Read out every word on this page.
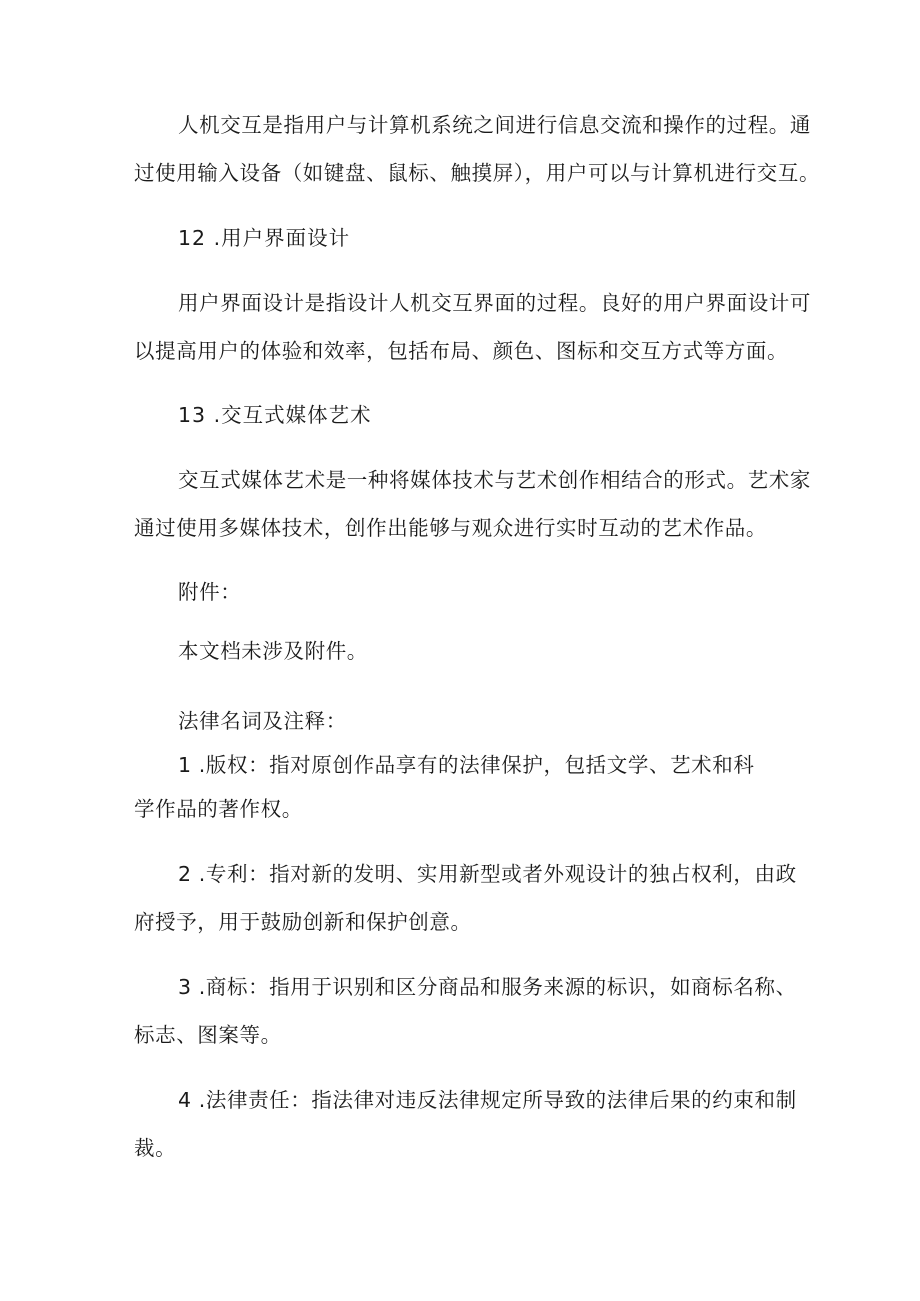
人机交互是指用户与计算机系统之间进行信息交流和操作的过程。通
过使用输入设备（如键盘、鼠标、触摸屏），用户可以与计算机进行交互。
12 .用户界面设计
用户界面设计是指设计人机交互界面的过程。良好的用户界面设计可
以提高用户的体验和效率，包括布局、颜色、图标和交互方式等方面。
13 .交互式媒体艺术
交互式媒体艺术是一种将媒体技术与艺术创作相结合的形式。艺术家
通过使用多媒体技术，创作出能够与观众进行实时互动的艺术作品。
附件：
本文档未涉及附件。
法律名词及注释：
1 .版权：指对原创作品享有的法律保护，包括文学、艺术和科
学作品的著作权。
2 .专利：指对新的发明、实用新型或者外观设计的独占权利，由政
府授予，用于鼓励创新和保护创意。
3 .商标：指用于识别和区分商品和服务来源的标识，如商标名称、
标志、图案等。
4 .法律责任：指法律对违反法律规定所导致的法律后果的约束和制
裁。
